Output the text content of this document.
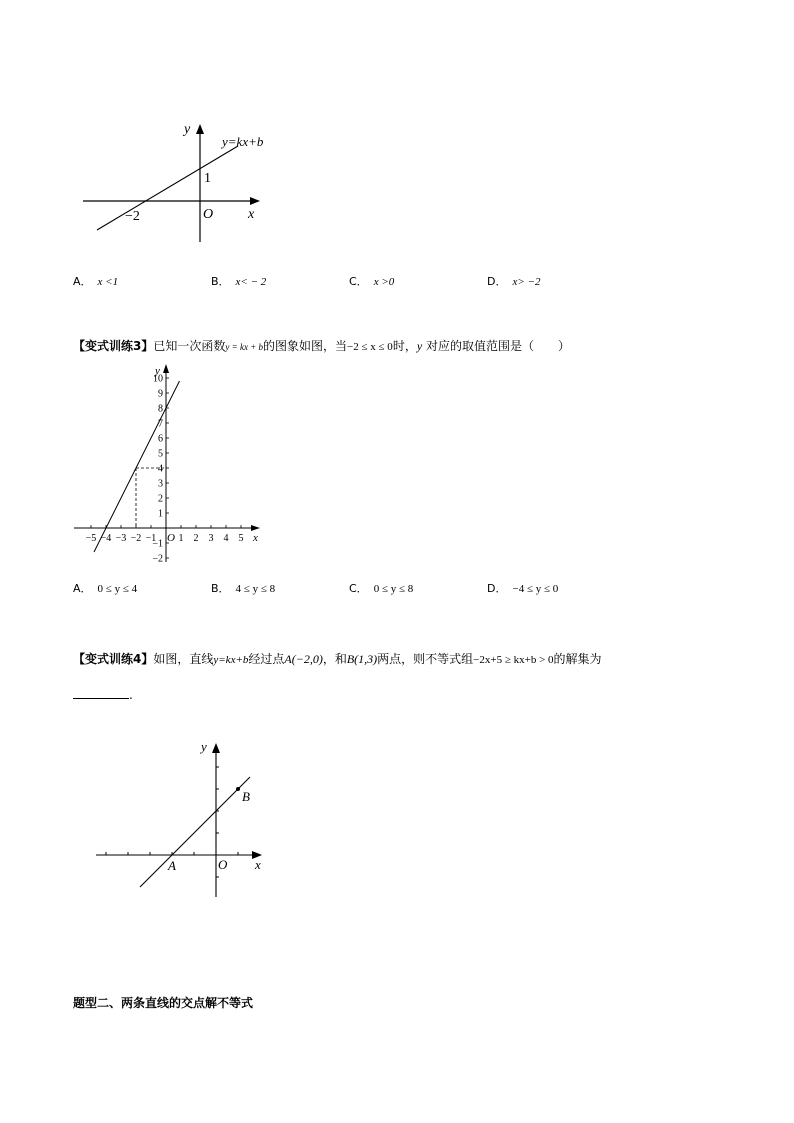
y
x
O
y=kx+b
1
−2
A． x <1	B． x< − 2	C． x >0	D． x> −2
【变式训练3】已知一次函数y = kx + b的图象如图，当−2 ≤ x ≤ 0时，y 对应的取值范围是（　　）
10
9
8
7
6
5
4
3
2
1
−1
−2
−5 −4 −3 −2 −1 1 2 3 4 5
O	x
y
A． 0 ≤ y ≤ 4	B． 4 ≤ y ≤ 8	C． 0 ≤ y ≤ 8	D． −4 ≤ y ≤ 0
【变式训练4】如图，直线y=kx+b经过点A(−2,0)，和B(1,3)两点，则不等式组−2x+5 ≥ kx+b > 0的解集为
.
y
x
O
A
B
题型二、两条直线的交点解不等式
